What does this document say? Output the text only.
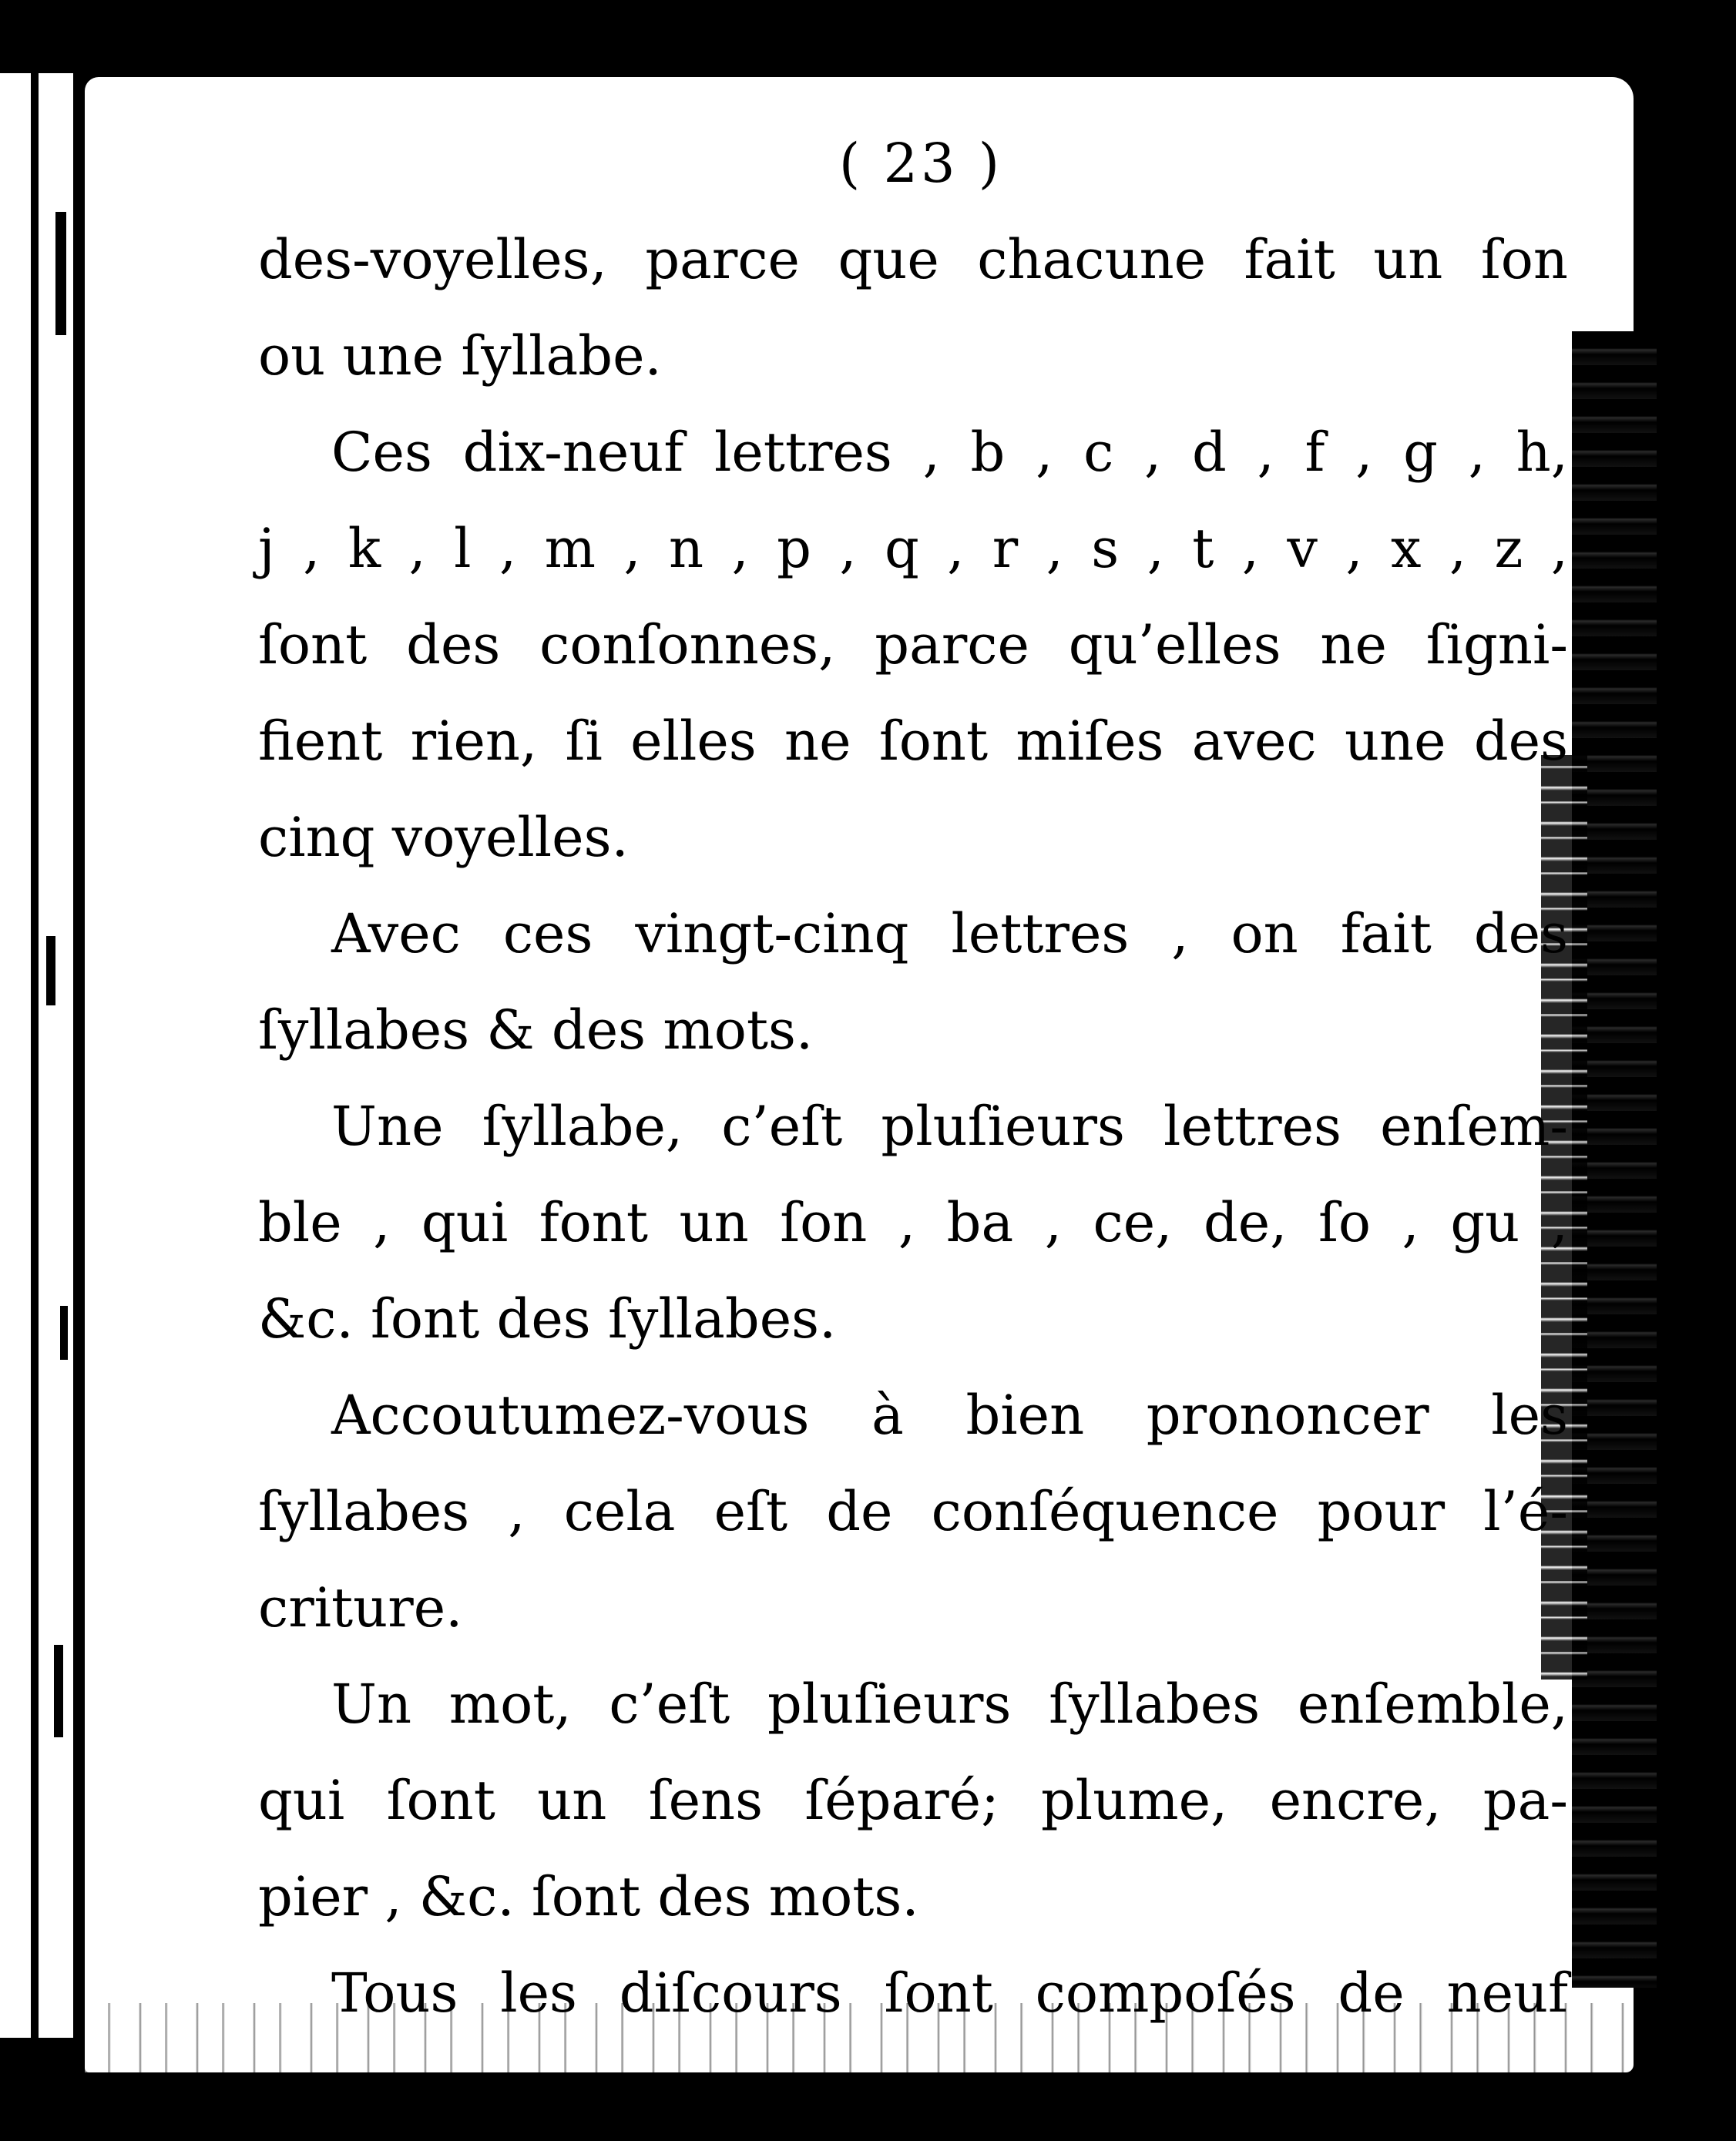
( 23 )
des-voyelles, parce que chacune fait un ſon
ou une ſyllabe.
Ces dix-neuf lettres , b , c , d , f , g , h,
j , k , l , m , n , p , q , r , s , t , v , x , z ,
ſont des conſonnes, parce qu’elles ne ſigni-
fient rien, ſi elles ne ſont miſes avec une des
cinq voyelles.
Avec ces vingt-cinq lettres , on fait des
ſyllabes & des mots.
Une ſyllabe, c’eſt pluſieurs lettres enſem-
ble , qui font un ſon , ba , ce, de, ſo , gu ,
&c. ſont des ſyllabes.
Accoutumez-vous à bien prononcer les
ſyllabes , cela eſt de conſéquence pour l’é-
criture.
Un mot, c’eſt pluſieurs ſyllabes enſemble,
qui ſont un ſens ſéparé; plume, encre, pa-
pier , &c. ſont des mots.
Tous les diſcours ſont compoſés de neuf
